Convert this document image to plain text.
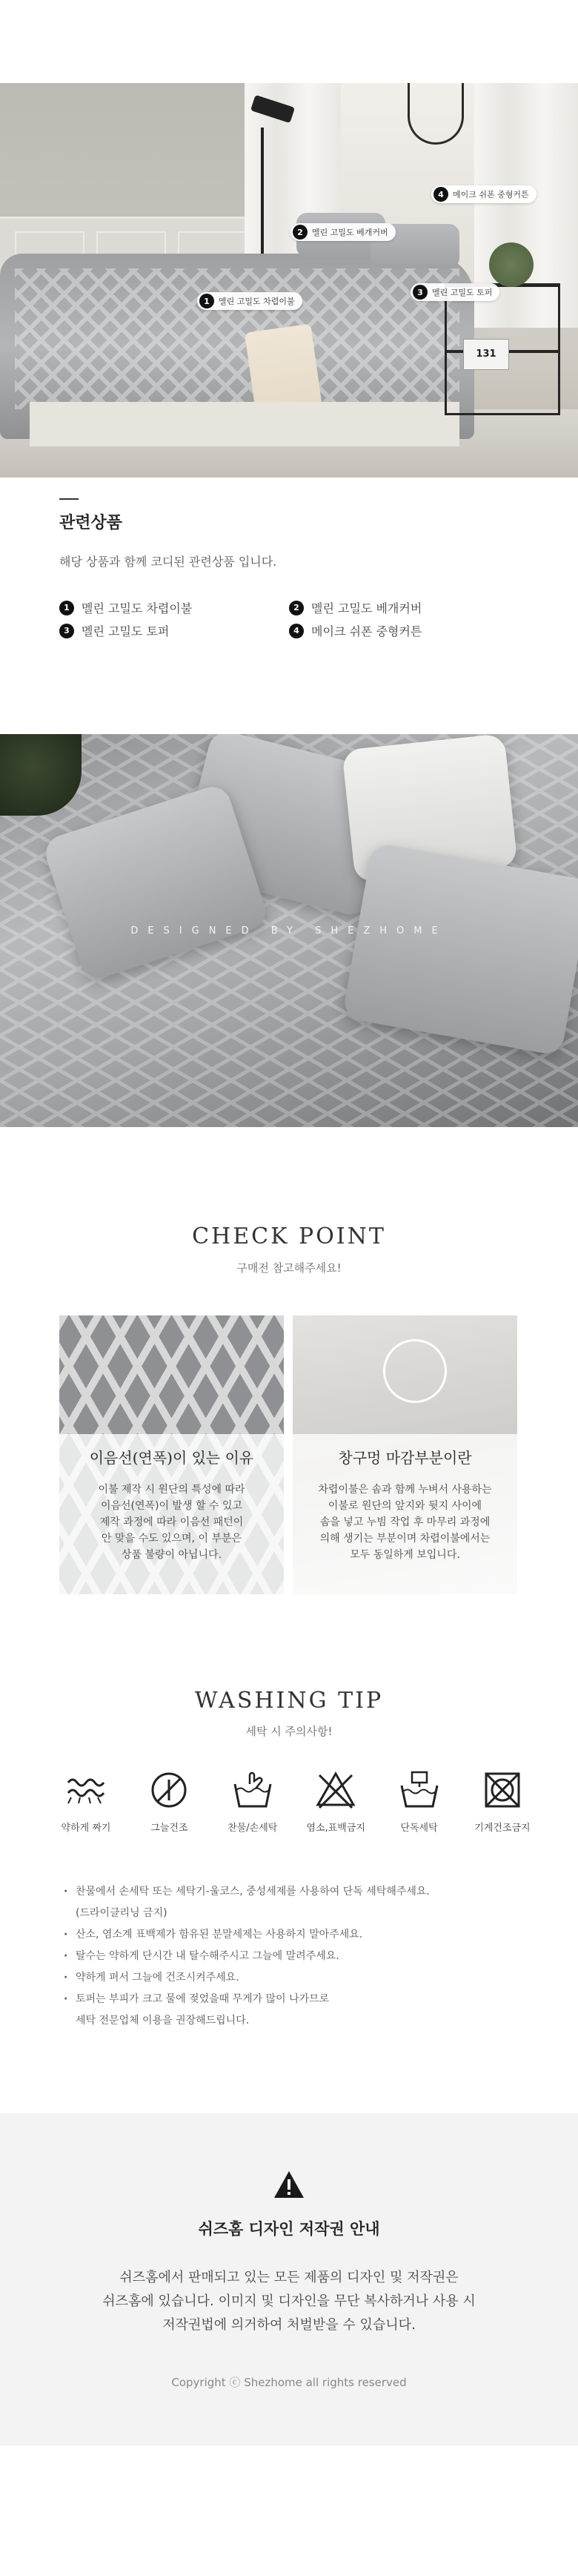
131
4	메이크 쉬폰 중형커튼
2	멜린 고밀도 베개커버
3	멜린 고밀도 토퍼
1	멜린 고밀도 차렵이불
관련상품
해당 상품과 함께 코디된 관련상품 입니다.
1	멜린 고밀도 차렵이불	2	멜린 고밀도 베개커버
3	멜린 고밀도 토퍼	4	메이크 쉬폰 중형커튼
DESIGNED BY SHEZHOME
CHECK POINT
구매전 참고해주세요!
이음선(연폭)이 있는 이유

이불 제작 시 원단의 특성에 따라
이음선(연폭)이 발생 할 수 있고
제작 과정에 따라 이음선 패턴이
안 맞을 수도 있으며, 이 부분은
상품 불량이 아닙니다.

창구멍 마감부분이란

차렵이불은 솜과 함께 누벼서 사용하는
이불로 원단의 앞지와 뒷지 사이에
솜을 넣고 누빔 작업 후 마무리 과정에
의해 생기는 부분이며 차렵이불에서는
모두 동일하게 보입니다.

WASHING TIP
세탁 시 주의사항!
약하게 짜기	그늘건조	찬물/손세탁	염소,표백금지	단독세탁	기계건조금지
· 찬물에서 손세탁 또는 세탁기-울코스, 중성세제를 사용하여 단독 세탁해주세요.
(드라이클리닝 금지)
· 산소, 염소계 표백제가 함유된 분말세제는 사용하지 말아주세요.
· 탈수는 약하게 단시간 내 탈수해주시고 그늘에 말려주세요.
· 약하게 펴서 그늘에 건조시켜주세요.
· 토퍼는 부피가 크고 물에 젖었을때 무게가 많이 나가므로
세탁 전문업체 이용을 권장해드립니다.
쉬즈홈 디자인 저작권 안내
쉬즈홈에서 판매되고 있는 모든 제품의 디자인 및 저작권은
쉬즈홈에 있습니다. 이미지 및 디자인을 무단 복사하거나 사용 시
저작권법에 의거하여 처벌받을 수 있습니다.
Copyright ⓒ Shezhome all rights reserved
